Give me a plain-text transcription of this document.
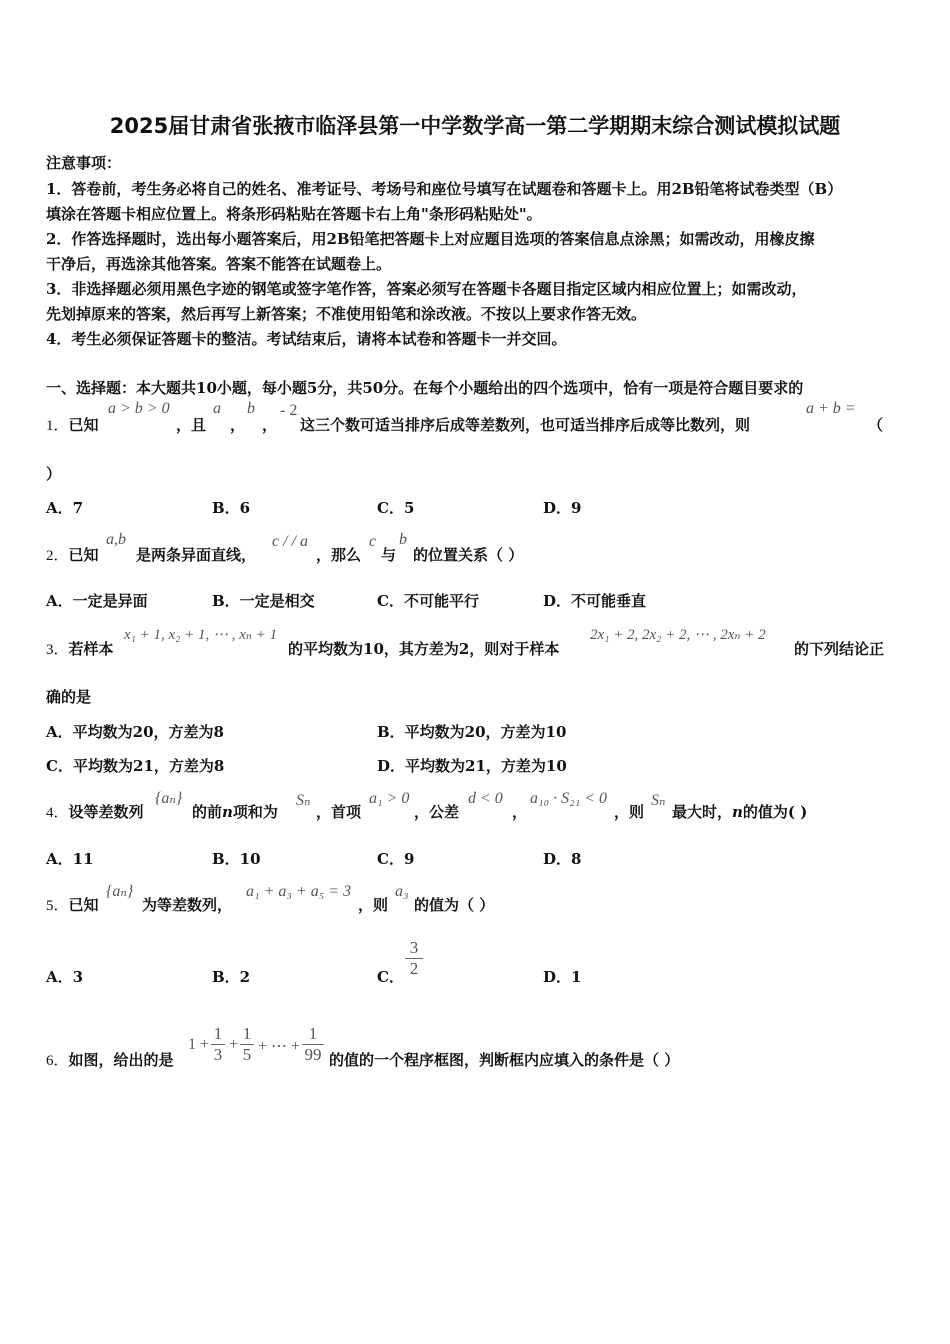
2025届甘肃省张掖市临泽县第一中学数学高一第二学期期末综合测试模拟试题
注意事项：
1．答卷前，考生务必将自己的姓名、准考证号、考场号和座位号填写在试题卷和答题卡上。用2B铅笔将试卷类型（B）
填涂在答题卡相应位置上。将条形码粘贴在答题卡右上角"条形码粘贴处"。
2．作答选择题时，选出每小题答案后，用2B铅笔把答题卡上对应题目选项的答案信息点涂黑；如需改动，用橡皮擦
干净后，再选涂其他答案。答案不能答在试题卷上。
3．非选择题必须用黑色字迹的钢笔或签字笔作答，答案必须写在答题卡各题目指定区域内相应位置上；如需改动，
先划掉原来的答案，然后再写上新答案；不准使用铅笔和涂改液。不按以上要求作答无效。
4．考生必须保证答题卡的整洁。考试结束后，请将本试卷和答题卡一并交回。
一、选择题：本大题共10小题，每小题5分，共50分。在每个小题给出的四个选项中，恰有一项是符合题目要求的
1．已知
a > b > 0
，且
a
，
b
，
- 2
这三个数可适当排序后成等差数列，也可适当排序后成等比数列，则
a + b =
（
）
A．7	B．6	C．5	D．9
2．已知
a,b
是两条异面直线，
c / / a
，那么
c
与
b
的位置关系（ ）
A．一定是异面	B．一定是相交	C．不可能平行	D．不可能垂直
3．若样本
x₁ + 1, x₂ + 1, ⋯ , xₙ + 1
的平均数为10，其方差为2，则对于样本
2x₁ + 2, 2x₂ + 2, ⋯ , 2xₙ + 2
的下列结论正
确的是
A．平均数为20，方差为8	B．平均数为20，方差为10
C．平均数为21，方差为8	D．平均数为21，方差为10
4．设等差数列
{aₙ}
的前n项和为
Sₙ
，首项
a₁ > 0
，公差
d < 0
，
a₁₀ · S₂₁ < 0
，则
Sₙ
最大时，n的值为( )
A．11	B．10	C．9	D．8
5．已知
{aₙ}
为等差数列，
a₁ + a₃ + a₅ = 3
，则
a₃
的值为（ ）
A．3	B．2	C．
3
2	D．1
6．如图，给出的是
1 +
1
3
+
1
5 + ⋯ +
1
99 的值的一个程序框图，判断框内应填入的条件是（ ）
